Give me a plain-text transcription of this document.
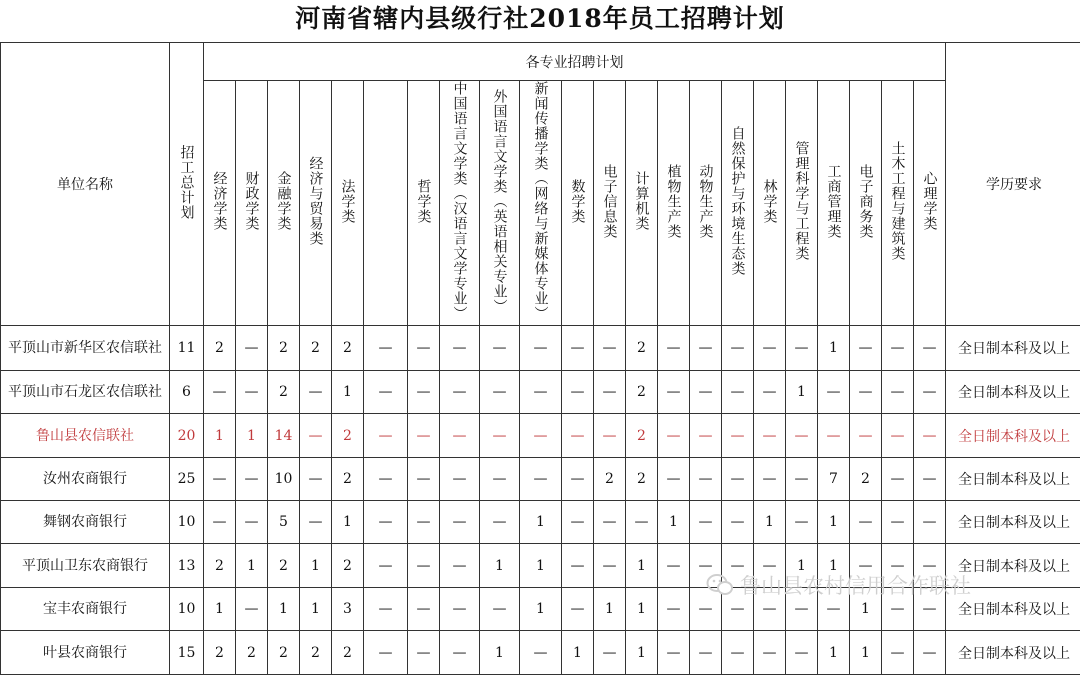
河南省辖内县级行社2018年员工招聘计划
单位名称	招工总计划	各专业招聘计划																						学历要求
		经济学类	财政学类	金融学类	经济与贸易类	法学类		哲学类	中国语言文学类（汉语言文学专业）	外国语言文学类（英语相关专业）	新闻传播学类（网络与新媒体专业）	数学类	电子信息类	计算机类	植物生产类	动物生产类	自然保护与环境生态类	林学类	管理科学与工程类	工商管理类	电子商务类	土木工程与建筑类	心理学类	
平顶山市新华区农信联社	11	2	—	2	2	2	—	—	—	—	—	—	—	2	—	—	—	—	—	1	—	—	—	全日制本科及以上
平顶山市石龙区农信联社	6	—	—	2	—	1	—	—	—	—	—	—	—	2	—	—	—	—	1	—	—	—	—	全日制本科及以上
鲁山县农信联社	20	1	1	14	—	2	—	—	—	—	—	—	—	2	—	—	—	—	—	—	—	—	—	全日制本科及以上
汝州农商银行	25	—	—	10	—	2	—	—	—	—	—	—	2	2	—	—	—	—	—	7	2	—	—	全日制本科及以上
舞钢农商银行	10	—	—	5	—	1	—	—	—	—	1	—	—	—	1	—	—	1	—	1	—	—	—	全日制本科及以上
平顶山卫东农商银行	13	2	1	2	1	2	—	—	—	1	1	—	—	1	—	—	—	—	1	1	—	—	—	全日制本科及以上
宝丰农商银行	10	1	—	1	1	3	—	—	—	—	1	—	1	1	—	—	—	—	—	—	1	—	—	全日制本科及以上
叶县农商银行	15	2	2	2	2	2	—	—	—	1	—	1	—	1	—	—	—	—	—	1	1	—	—	全日制本科及以上
鲁山县农村信用合作联社
